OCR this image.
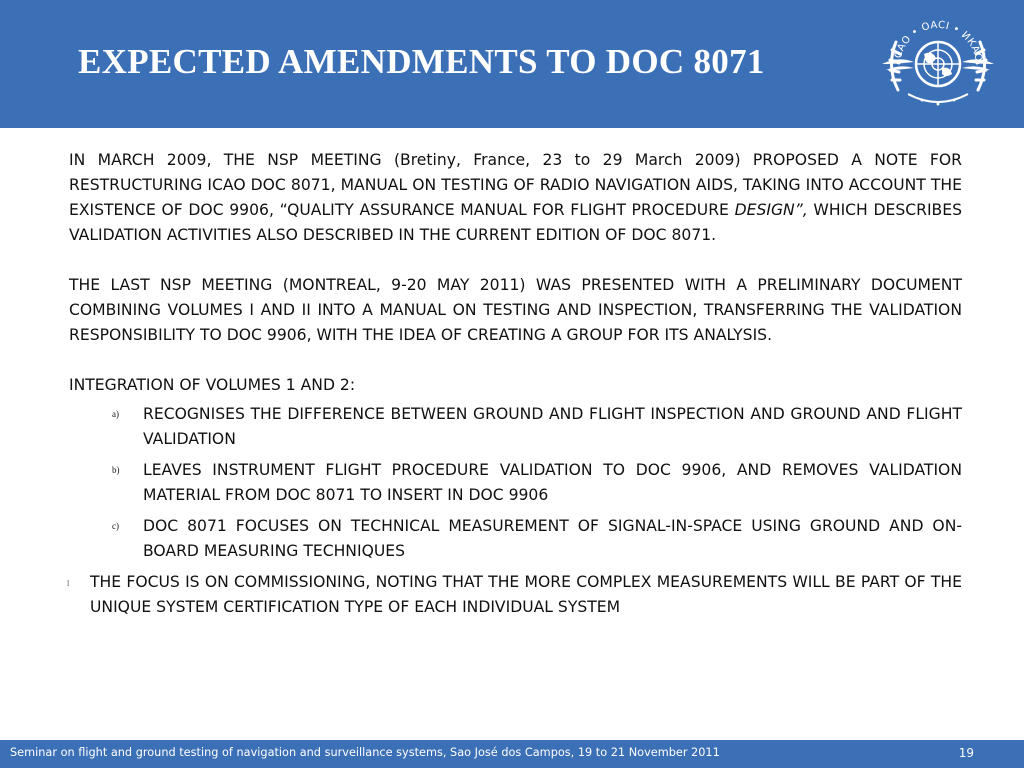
EXPECTED AMENDMENTS TO DOC 8071	ICAO • OACI • ИКАО

IN MARCH 2009, THE NSP MEETING (Bretiny, France, 23 to 29 March 2009) PROPOSED A NOTE FOR RESTRUCTURING ICAO DOC 8071, MANUAL ON TESTING OF RADIO NAVIGATION AIDS, TAKING INTO ACCOUNT THE EXISTENCE OF DOC 9906, “QUALITY ASSURANCE MANUAL FOR FLIGHT PROCEDURE DESIGN”, WHICH DESCRIBES VALIDATION ACTIVITIES ALSO DESCRIBED IN THE CURRENT EDITION OF DOC 8071.

THE LAST NSP MEETING (MONTREAL, 9-20 MAY 2011) WAS PRESENTED WITH A PRELIMINARY DOCUMENT COMBINING VOLUMES I AND II INTO A MANUAL ON TESTING AND INSPECTION, TRANSFERRING THE VALIDATION RESPONSIBILITY TO DOC 9906, WITH THE IDEA OF CREATING A GROUP FOR ITS ANALYSIS.

INTEGRATION OF VOLUMES 1 AND 2:

a) RECOGNISES THE DIFFERENCE BETWEEN GROUND AND FLIGHT INSPECTION AND GROUND AND FLIGHT VALIDATION
b) LEAVES INSTRUMENT FLIGHT PROCEDURE VALIDATION TO DOC 9906, AND REMOVES VALIDATION MATERIAL FROM DOC 8071 TO INSERT IN DOC 9906
c) DOC 8071 FOCUSES ON TECHNICAL MEASUREMENT OF SIGNAL-IN-SPACE USING GROUND AND ON-BOARD MEASURING TECHNIQUES
l THE FOCUS IS ON COMMISSIONING, NOTING THAT THE MORE COMPLEX MEASUREMENTS WILL BE PART OF THE UNIQUE SYSTEM CERTIFICATION TYPE OF EACH INDIVIDUAL SYSTEM
Seminar on flight and ground testing of navigation and surveillance systems, Sao José dos Campos, 19 to 21 November 2011	19
